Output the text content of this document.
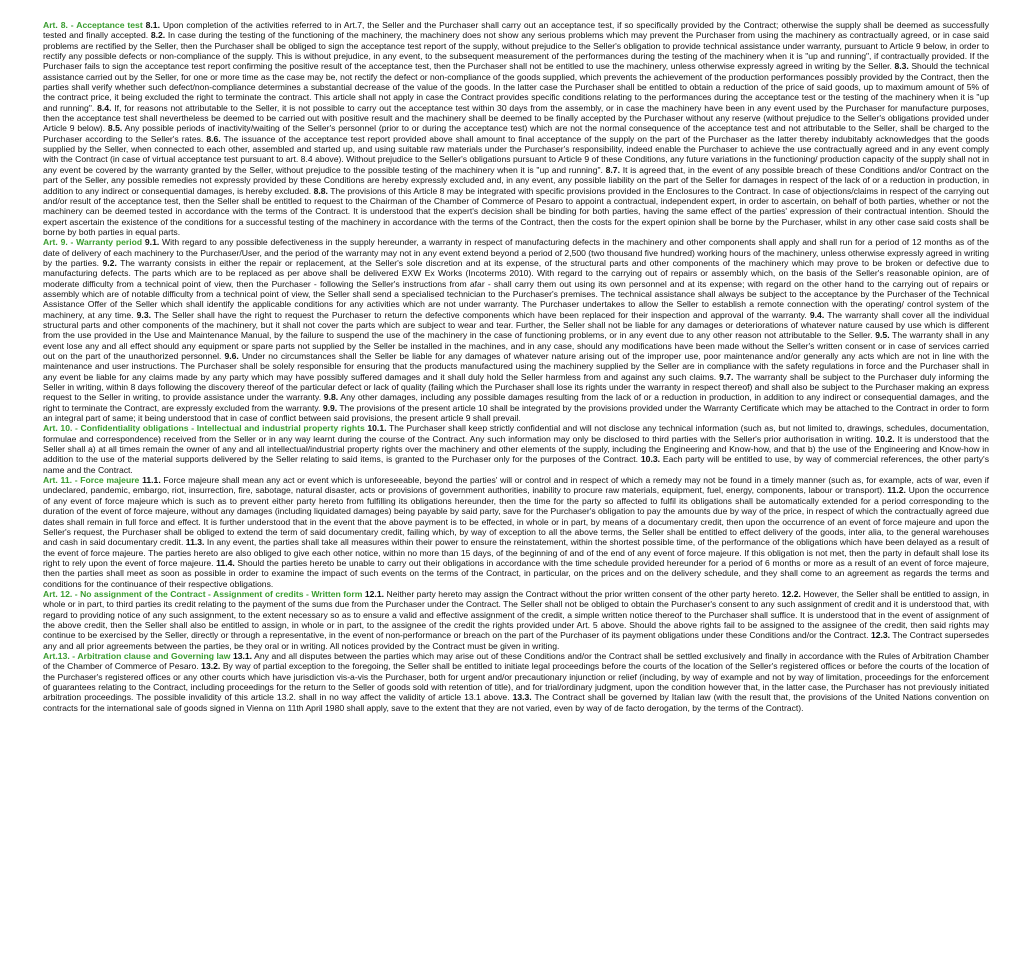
Art. 8. - Acceptance test 8.1. Upon completion of the activities referred to in Art.7, the Seller and the Purchaser shall carry out an acceptance test, if so specifically provided by the Contract; otherwise the supply shall be deemed as successfully tested and finally accepted. 8.2. In case during the testing of the functioning of the machinery, the machinery does not show any serious problems which may prevent the Purchaser from using the machinery as contractually agreed, or in case said problems are rectified by the Seller, then the Purchaser shall be obliged to sign the acceptance test report of the supply, without prejudice to the Seller's obligation to provide technical assistance under warranty, pursuant to Article 9 below, in order to rectify any possible defects or non-compliance of the supply. This is without prejudice, in any event, to the subsequent measurement of the performances during the testing of the machinery when it is "up and running", if contractually provided. If the Purchaser fails to sign the acceptance test report confirming the positive result of the acceptance test, then the Purchaser shall not be entitled to use the machinery, unless otherwise expressly agreed in writing by the Seller. 8.3. Should the technical assistance carried out by the Seller, for one or more time as the case may be, not rectify the defect or non-compliance of the goods supplied, which prevents the achievement of the production performances possibly provided by the Contract, then the parties shall verify whether such defect/non-compliance determines a substantial decrease of the value of the goods. In the latter case the Purchaser shall be entitled to obtain a reduction of the price of said goods, up to maximum amount of 5% of the contract price, it being excluded the right to terminate the contract. This article shall not apply in case the Contract provides specific conditions relating to the performances during the acceptance test or the testing of the machinery when it is "up and running". 8.4. If, for reasons not attributable to the Seller, it is not possible to carry out the acceptance test within 30 days from the assembly, or in case the machinery have been in any event used by the Purchaser for manufacture purposes, then the acceptance test shall nevertheless be deemed to be carried out with positive result and the machinery shall be deemed to be finally accepted by the Purchaser without any reserve (without prejudice to the Seller's obligations provided under Article 9 below). 8.5. Any possible periods of inactivity/waiting of the Seller's personnel (prior to or during the acceptance test) which are not the normal consequence of the acceptance test and not attributable to the Seller, shall be charged to the Purchaser according to the Seller's rates. 8.6. The issuance of the acceptance test report provided above shall amount to final acceptance of the supply on the part of the Purchaser as the latter thereby indubitably acknowledges that the goods supplied by the Seller, when connected to each other, assembled and started up, and using suitable raw materials under the Purchaser's responsibility, indeed enable the Purchaser to achieve the use contractually agreed and in any event comply with the Contract (in case of virtual acceptance test pursuant to art. 8.4 above). Without prejudice to the Seller's obligations pursuant to Article 9 of these Conditions, any future variations in the functioning/ production capacity of the supply shall not in any event be covered by the warranty granted by the Seller, without prejudice to the possible testing of the machinery when it is "up and running". 8.7. It is agreed that, in the event of any possible breach of these Conditions and/or Contract on the part of the Seller, any possible remedies not expressly provided by these Conditions are hereby expressly excluded and, in any event, any possible liability on the part of the Seller for damages in respect of the lack of or a reduction in production, in addition to any indirect or consequential damages, is hereby excluded. 8.8. The provisions of this Article 8 may be integrated with specific provisions provided in the Enclosures to the Contract. In case of objections/claims in respect of the carrying out and/or result of the acceptance test, then the Seller shall be entitled to request to the Chairman of the Chamber of Commerce of Pesaro to appoint a contractual, independent expert, in order to ascertain, on behalf of both parties, whether or not the machinery can be deemed tested in accordance with the terms of the Contract. It is understood that the expert's decision shall be binding for both parties, having the same effect of the parties' expression of their contractual intention. Should the expert ascertain the existence of the conditions for a successful testing of the machinery in accordance with the terms of the Contract, then the costs for the expert opinion shall be borne by the Purchaser, whilst in any other case said costs shall be borne by both parties in equal parts.

Art. 9. - Warranty period 9.1. With regard to any possible defectiveness in the supply hereunder, a warranty in respect of manufacturing defects in the machinery and other components shall apply and shall run for a period of 12 months as of the date of delivery of each machinery to the Purchaser/User, and the period of the warranty may not in any event extend beyond a period of 2,500 (two thousand five hundred) working hours of the machinery, unless otherwise expressly agreed in writing by the parties. 9.2. The warranty consists in either the repair or replacement, at the Seller's sole discretion and at its expense, of the structural parts and other components of the machinery which may prove to be broken or defective due to manufacturing defects. The parts which are to be replaced as per above shall be delivered EXW Ex Works (Incoterms 2010). With regard to the carrying out of repairs or assembly which, on the basis of the Seller's reasonable opinion, are of moderate difficulty from a technical point of view, then the Purchaser - following the Seller's instructions from afar - shall carry them out using its own personnel and at its expense; with regard on the other hand to the carrying out of repairs or assembly which are of notable difficulty from a technical point of view, the Seller shall send a specialised technician to the Purchaser's premises. The technical assistance shall always be subject to the acceptance by the Purchaser of the Technical Assistance Offer of the Seller which shall identify the applicable conditions for any activities which are not under warranty. The Purchaser undertakes to allow the Seller to establish a remote connection with the operating/ control system of the machinery, at any time. 9.3. The Seller shall have the right to request the Purchaser to return the defective components which have been replaced for their inspection and approval of the warranty. 9.4. The warranty shall cover all the individual structural parts and other components of the machinery, but it shall not cover the parts which are subject to wear and tear. Further, the Seller shall not be liable for any damages or deteriorations of whatever nature caused by use which is different from the use provided in the Use and Maintenance Manual, by the failure to suspend the use of the machinery in the case of functioning problems, or in any event due to any other reason not attributable to the Seller. 9.5. The warranty shall in any event lose any and all effect should any equipment or spare parts not supplied by the Seller be installed in the machines, and in any case, should any modifications have been made without the Seller's written consent or in case of services carried out on the part of the unauthorized personnel. 9.6. Under no circumstances shall the Seller be liable for any damages of whatever nature arising out of the improper use, poor maintenance and/or generally any acts which are not in line with the maintenance and user instructions. The Purchaser shall be solely responsible for ensuring that the products manufactured using the machinery supplied by the Seller are in compliance with the safety regulations in force and the Purchaser shall in any event be liable for any claims made by any party which may have possibly suffered damages and it shall duly hold the Seller harmless from and against any such claims. 9.7. The warranty shall be subject to the Purchaser duly informing the Seller in writing, within 8 days following the discovery thereof of the particular defect or lack of quality (failing which the Purchaser shall lose its rights under the warranty in respect thereof) and shall also be subject to the Purchaser making an express request to the Seller in writing, to provide assistance under the warranty. 9.8. Any other damages, including any possible damages resulting from the lack of or a reduction in production, in addition to any indirect or consequential damages, and the right to terminate the Contract, are expressly excluded from the warranty. 9.9. The provisions of the present article 10 shall be integrated by the provisions provided under the Warranty Certificate which may be attached to the Contract in order to form an integral part of same; it being understood that in case of conflict between said provisions, the present article 9 shall prevail.

Art. 10. - Confidentiality obligations - Intellectual and industrial property rights 10.1. The Purchaser shall keep strictly confidential and will not disclose any technical information (such as, but not limited to, drawings, schedules, documentation, formulae and correspondence) received from the Seller or in any way learnt during the course of the Contract. Any such information may only be disclosed to third parties with the Seller's prior authorisation in writing. 10.2. It is understood that the Seller shall a) at all times remain the owner of any and all intellectual/industrial property rights over the machinery and other elements of the supply, including the Engineering and Know-how, and that b) the use of the Engineering and Know-how in addition to the use of the material supports delivered by the Seller relating to said items, is granted to the Purchaser only for the purposes of the Contract. 10.3. Each party will be entitled to use, by way of commercial references, the other party's name and the Contract.

Art. 11. - Force majeure 11.1. Force majeure shall mean any act or event which is unforeseeable, beyond the parties' will or control and in respect of which a remedy may not be found in a timely manner (such as, for example, acts of war, even if undeclared, pandemic, embargo, riot, insurrection, fire, sabotage, natural disaster, acts or provisions of government authorities, inability to procure raw materials, equipment, fuel, energy, components, labour or transport). 11.2. Upon the occurrence of any event of force majeure which is such as to prevent either party hereto from fulfilling its obligations hereunder, then the time for the party so affected to fulfil its obligations shall be automatically extended for a period corresponding to the duration of the event of force majeure, without any damages (including liquidated damages) being payable by said party, save for the Purchaser's obligation to pay the amounts due by way of the price, in respect of which the contractually agreed due dates shall remain in full force and effect. It is further understood that in the event that the above payment is to be effected, in whole or in part, by means of a documentary credit, then upon the occurrence of an event of force majeure and upon the Seller's request, the Purchaser shall be obliged to extend the term of said documentary credit, failing which, by way of exception to all the above terms, the Seller shall be entitled to effect delivery of the goods, inter alia, to the general warehouses and cash in said documentary credit. 11.3. In any event, the parties shall take all measures within their power to ensure the reinstatement, within the shortest possible time, of the performance of the obligations which have been delayed as a result of the event of force majeure. The parties hereto are also obliged to give each other notice, within no more than 15 days, of the beginning of and of the end of any event of force majeure. If this obligation is not met, then the party in default shall lose its right to rely upon the event of force majeure. 11.4. Should the parties hereto be unable to carry out their obligations in accordance with the time schedule provided hereunder for a period of 6 months or more as a result of an event of force majeure, then the parties shall meet as soon as possible in order to examine the impact of such events on the terms of the Contract, in particular, on the prices and on the delivery schedule, and they shall come to an agreement as regards the terms and conditions for the continuance of their respective obligations.

Art. 12. - No assignment of the Contract - Assignment of credits - Written form 12.1. Neither party hereto may assign the Contract without the prior written consent of the other party hereto. 12.2. However, the Seller shall be entitled to assign, in whole or in part, to third parties its credit relating to the payment of the sums due from the Purchaser under the Contract. The Seller shall not be obliged to obtain the Purchaser's consent to any such assignment of credit and it is understood that, with regard to providing notice of any such assignment, to the extent necessary so as to ensure a valid and effective assignment of the credit, a simple written notice thereof to the Purchaser shall suffice. It is understood that in the event of assignment of the above credit, then the Seller shall also be entitled to assign, in whole or in part, to the assignee of the credit the rights provided under Art. 5 above. Should the above rights fail to be assigned to the assignee of the credit, then said rights may continue to be exercised by the Seller, directly or through a representative, in the event of non-performance or breach on the part of the Purchaser of its payment obligations under these Conditions and/or the Contract. 12.3. The Contract supersedes any and all prior agreements between the parties, be they oral or in writing. All notices provided by the Contract must be given in writing.

Art.13. - Arbitration clause and Governing law 13.1. Any and all disputes between the parties which may arise out of these Conditions and/or the Contract shall be settled exclusively and finally in accordance with the Rules of Arbitration Chamber of the Chamber of Commerce of Pesaro. 13.2. By way of partial exception to the foregoing, the Seller shall be entitled to initiate legal proceedings before the courts of the location of the Seller's registered offices or before the courts of the location of the Purchaser's registered offices or any other courts which have jurisdiction vis-a-vis the Purchaser, both for urgent and/or precautionary injunction or relief (including, by way of example and not by way of limitation, proceedings for the enforcement of guarantees relating to the Contract, including proceedings for the return to the Seller of goods sold with retention of title), and for trial/ordinary judgment, upon the condition however that, in the latter case, the Purchaser has not previously initiated arbitration proceedings. The possible invalidity of this article 13.2. shall in no way affect the validity of article 13.1 above. 13.3. The Contract shall be governed by Italian law (with the result that, the provisions of the United Nations convention on contracts for the international sale of goods signed in Vienna on 11th April 1980 shall apply, save to the extent that they are not varied, even by way of de facto derogation, by the terms of the Contract).
